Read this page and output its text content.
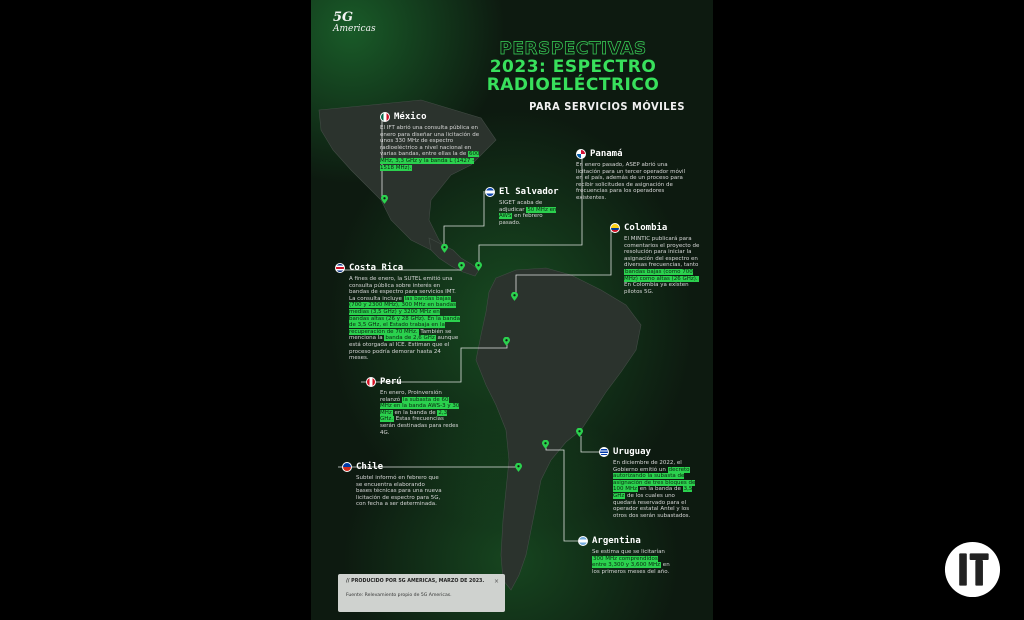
5G
Americas
PERSPECTIVAS
2023: ESPECTRO
RADIOELÉCTRICO
PARA SERVICIOS MÓVILES
México
El IFT abrió una consulta pública en enero para diseñar una licitación de unos 330 MHz de espectro radioeléctrico a nivel nacional en varias bandas, entre ellas la de 600 MHz, 3,3 GHz y la banda L (1427 - 1518 MHz).
Panamá
En enero pasado, ASEP abrió una licitación para un tercer operador móvil en el país, además de un proceso para recibir solicitudes de asignación de frecuencias para los operadores existentes.
El Salvador
SIGET acaba de adjudicar 50 MHz en AWS en febrero pasado.
Colombia
El MINTIC publicará para comentarios el proyecto de resolución para iniciar la asignación del espectro en diversas frecuencias, tanto bandas bajas (como 700 MHz) como altas (26 GHz). En Colombia ya existen pilotos 5G.
Costa Rica
A fines de enero, la SUTEL emitió una consulta pública sobre interés en bandas de espectro para servicios IMT. La consulta incluye las bandas bajas (700 y 2300 MHz), 300 MHz en bandas medias (3,5 GHz) y 3200 MHz en bandas altas (26 y 28 GHz). En la banda de 3,5 GHz, el Estado trabaja en la recuperación de 70 MHz. También se menciona la banda de 2,6 GHz aunque está otorgada al ICE. Estiman que el proceso podría demorar hasta 24 meses.
Perú
En enero, Proinversión relanzó la subasta de 60 MHz en la banda AWS-3 y 30 MHz en la banda de 2,3 GHz. Estas frecuencias serán destinadas para redes 4G.
Uruguay
En diciembre de 2022, el Gobierno emitió un decreto autorizando la subasta de asignación de tres bloques de 100 MHz en la banda de 3,5 GHz de los cuales uno quedará reservado para el operador estatal Antel y los otros dos serán subastados.
Chile
Subtel informó en febrero que se encuentra elaborando bases técnicas para una nueva licitación de espectro para 5G, con fecha a ser determinada.
Argentina
Se estima que se licitarían 300 MHz comprendidos entre 3,300 y 3,600 MHz en los primeros meses del año.
// PRODUCIDO POR 5G AMERICAS, MARZO DE 2023.
Fuente: Relevamiento propio de 5G Americas.
×
